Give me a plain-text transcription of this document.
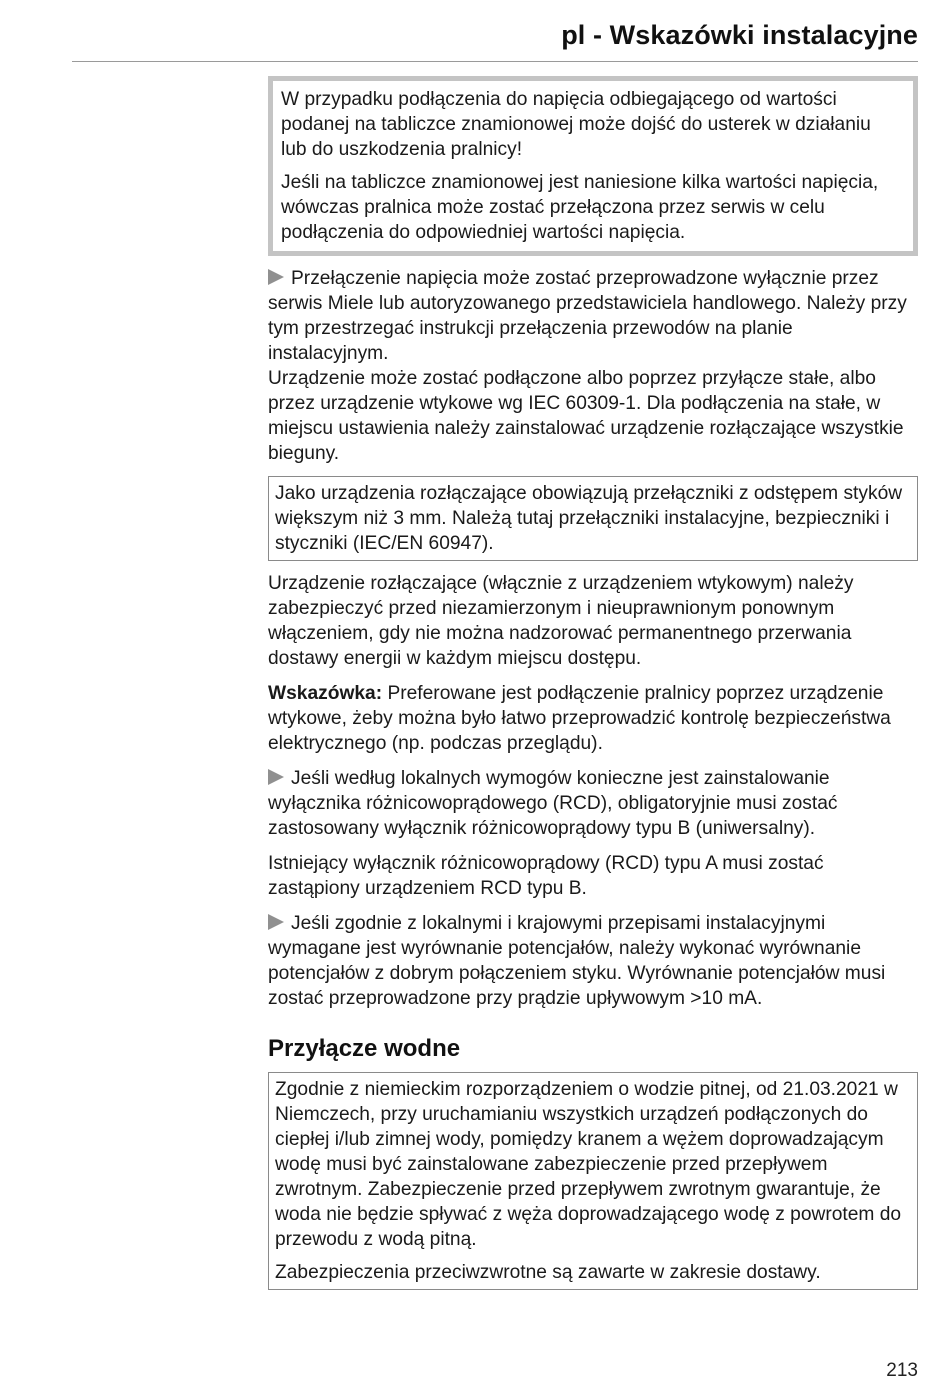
pl - Wskazówki instalacyjne

W przypadku podłączenia do napięcia odbiegającego od wartości podanej na tabliczce znamionowej może dojść do usterek w działaniu lub do uszkodzenia pralnicy!

Jeśli na tabliczce znamionowej jest naniesione kilka wartości napięcia, wówczas pralnica może zostać przełączona przez serwis w celu podłączenia do odpowiedniej wartości napięcia.

Przełączenie napięcia może zostać przeprowadzone wyłącznie przez serwis Miele lub autoryzowanego przedstawiciela handlowego. Należy przy tym przestrzegać instrukcji przełączenia przewodów na planie instalacyjnym.

Urządzenie może zostać podłączone albo poprzez przyłącze stałe, albo przez urządzenie wtykowe wg IEC 60309-1. Dla podłączenia na stałe, w miejscu ustawienia należy zainstalować urządzenie rozłączające wszystkie bieguny.

Jako urządzenia rozłączające obowiązują przełączniki z odstępem styków większym niż 3 mm. Należą tutaj przełączniki instalacyjne, bezpieczniki i styczniki (IEC/EN 60947).

Urządzenie rozłączające (włącznie z urządzeniem wtykowym) należy zabezpieczyć przed niezamierzonym i nieuprawnionym ponownym włączeniem, gdy nie można nadzorować permanentnego przerwania dostawy energii w każdym miejscu dostępu.

Wskazówka: Preferowane jest podłączenie pralnicy poprzez urządzenie wtykowe, żeby można było łatwo przeprowadzić kontrolę bezpieczeństwa elektrycznego (np. podczas przeglądu).

Jeśli według lokalnych wymogów konieczne jest zainstalowanie wyłącznika różnicowoprądowego (RCD), obligatoryjnie musi zostać zastosowany wyłącznik różnicowoprądowy typu B (uniwersalny).

Istniejący wyłącznik różnicowoprądowy (RCD) typu A musi zostać zastąpiony urządzeniem RCD typu B.

Jeśli zgodnie z lokalnymi i krajowymi przepisami instalacyjnymi wymagane jest wyrównanie potencjałów, należy wykonać wyrównanie potencjałów z dobrym połączeniem styku. Wyrównanie potencjałów musi zostać przeprowadzone przy prądzie upływowym >10 mA.

Przyłącze wodne

Zgodnie z niemieckim rozporządzeniem o wodzie pitnej, od 21.03.2021 w Niemczech, przy uruchamianiu wszystkich urządzeń podłączonych do ciepłej i/lub zimnej wody, pomiędzy kranem a wężem doprowadzającym wodę musi być zainstalowane zabezpieczenie przed przepływem zwrotnym. Zabezpieczenie przed przepływem zwrotnym gwarantuje, że woda nie będzie spływać z węża doprowadzającego wodę z powrotem do przewodu z wodą pitną.

Zabezpieczenia przeciwzwrotne są zawarte w zakresie dostawy.

213
